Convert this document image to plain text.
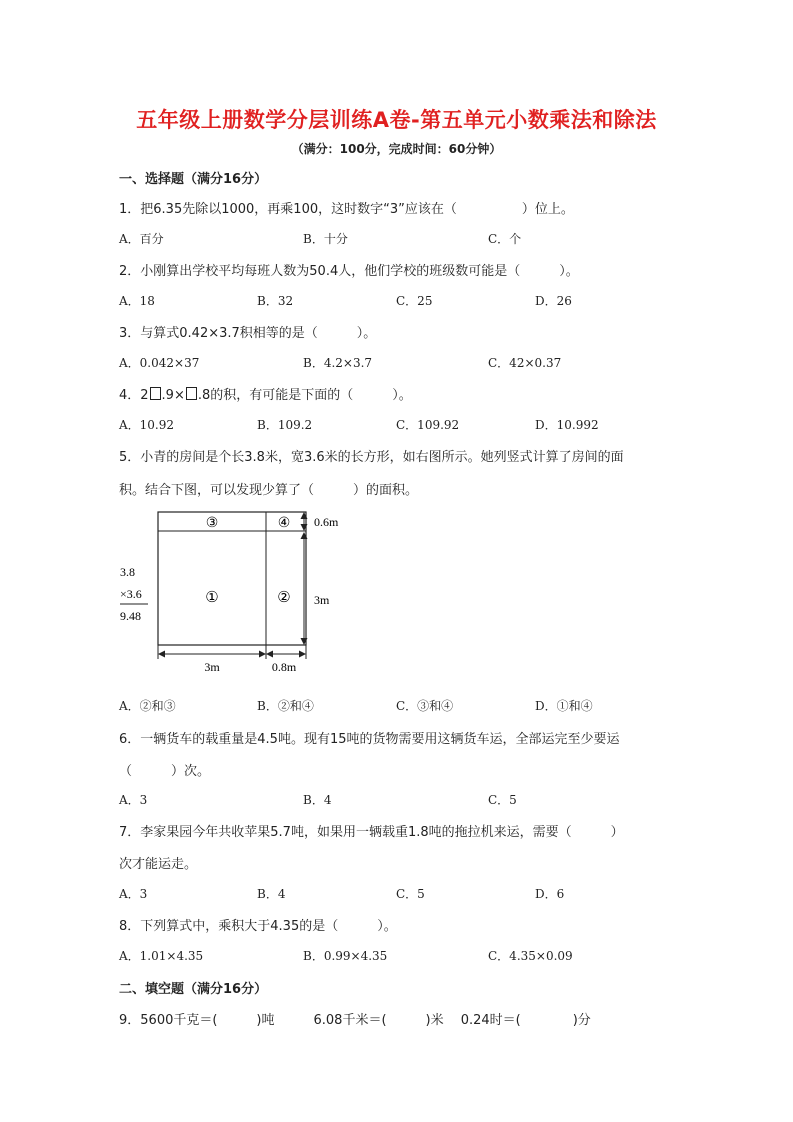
五年级上册数学分层训练A卷-第五单元小数乘法和除法
（满分：100分，完成时间：60分钟）
一、选择题（满分16分）
1．把6.35先除以1000，再乘100，这时数字“3”应该在（　　　　　）位上。
A．百分	B．十分	C．个
2．小刚算出学校平均每班人数为50.4人，他们学校的班级数可能是（　　　）。
A．18	B．32	C．25	D．26
3．与算式0.42×3.7积相等的是（　　　）。
A．0.042×37	B．4.2×3.7	C．42×0.37
4．2 .9× .8的积，有可能是下面的（　　　）。
A．10.92	B．109.2	C．109.92	D．10.992
5．小青的房间是个长3.8米，宽3.6米的长方形，如右图所示。她列竖式计算了房间的面
积。结合下图，可以发现少算了（　　　）的面积。
③	④
①	②
0.6m
3m
3m	0.8m
3.8
×3.6
9.48
A．②和③	B．②和④	C．③和④	D．①和④
6．一辆货车的载重量是4.5吨。现有15吨的货物需要用这辆货车运，全部运完至少要运
（　　　）次。
A．3	B．4	C．5
7．李家果园今年共收苹果5.7吨，如果用一辆载重1.8吨的拖拉机来运，需要（　　　）
次才能运走。
A．3	B．4	C．5	D．6
8．下列算式中，乘积大于4.35的是（　　　）。
A．1.01×4.35	B．0.99×4.35	C．4.35×0.09
二、填空题（满分16分）
9．5600千克＝(　　　)吨　　　6.08千米＝(　　　)米　 0.24时＝(　　　　)分
